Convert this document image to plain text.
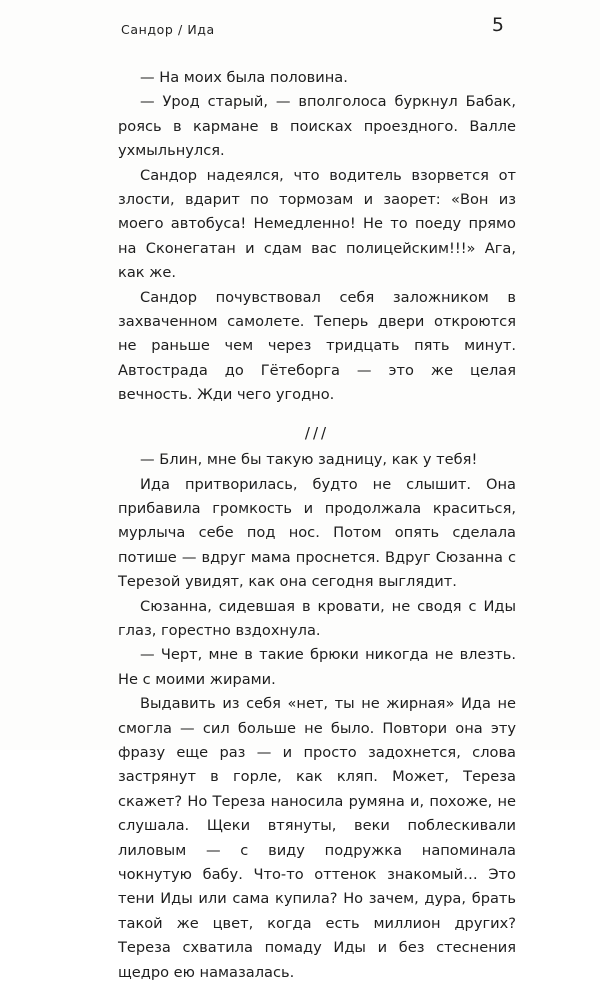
Сандор / Ида	5

— На моих была половина.

— Урод старый, — вполголоса буркнул Бабак, роясь в кармане в поисках проездного. Валле ухмыльнулся.

Сандор надеялся, что водитель взорвется от злости, вдарит по тормозам и заорет: «Вон из моего автобуса! Немедленно! Не то поеду прямо на Сконегатан и сдам вас полицейским!!!» Ага, как же.

Сандор почувствовал себя заложником в захваченном самолете. Теперь двери откроются не раньше чем через тридцать пять минут. Автострада до Гётеборга — это же целая вечность. Жди чего угодно.

///

— Блин, мне бы такую задницу, как у тебя!

Ида притворилась, будто не слышит. Она прибавила громкость и продолжала краситься, мурлыча себе под нос. Потом опять сделала потише — вдруг мама проснется. Вдруг Сюзанна с Терезой увидят, как она сегодня выглядит.

Сюзанна, сидевшая в кровати, не сводя с Иды глаз, горестно вздохнула.

— Черт, мне в такие брюки никогда не влезть. Не с моими жирами.

Выдавить из себя «нет, ты не жирная» Ида не смогла — сил больше не было. Повтори она эту фразу еще раз — и просто задохнется, слова застрянут в горле, как кляп. Может, Тереза скажет? Но Тереза наносила румяна и, похоже, не слушала. Щеки втянуты, веки поблескивали лиловым — с виду подружка напоминала чокнутую бабу. Что-то оттенок знакомый… Это тени Иды или сама купила? Но зачем, дура, брать такой же цвет, когда есть миллион других? Тереза схватила помаду Иды и без стеснения щедро ею намазалась.
